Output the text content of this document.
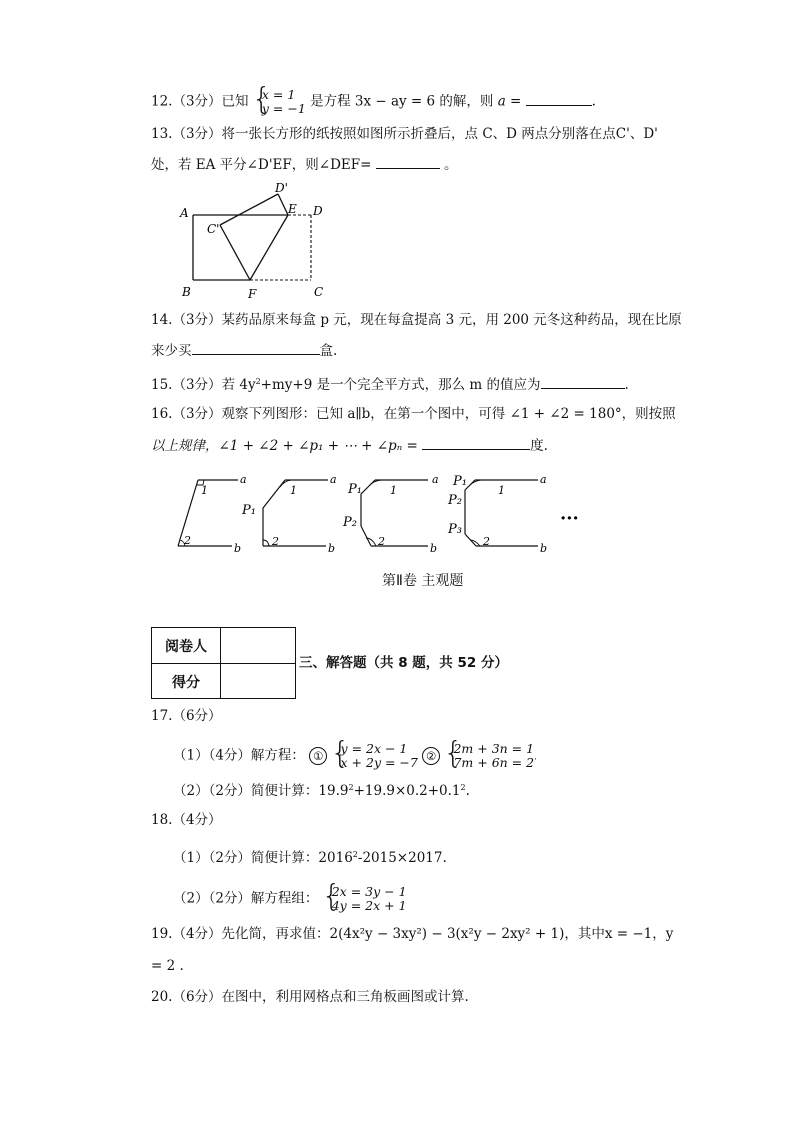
12.（3分）已知 { x = 1
y = −1 是方程 3x − ay = 6 的解，则 a =	.
13.（3分）将一张长方形的纸按照如图所示折叠后，点 C、D 两点分别落在点C'、D'
处，若 EA 平分∠D'EF，则∠DEF=	。
A
B	C
D
E
F
C'
D'
14.（3分）某药品原来每盒 p 元，现在每盒提高 3 元，用 200 元冬这种药品，现在比原
来少买	盒.
15.（3分）若 $4y^2+my+9$ 是一个完全平方式，那么 m 的值应为	.
16.（3分）观察下列图形：已知 a∥b，在第一个图中，可得 ∠1 + ∠2 = 180°，则按照
以上规律，∠1 + ∠2 + ∠p₁ + ⋯ + ∠pₙ =	度.
a
1
2
b
a
1
P₁
2
b
a
1
P₁
P₂
2
b
a
1
P₁
P₂
P₃
2
b
···
第Ⅱ卷 主观题
阅卷人
得分
三、解答题（共 8 题，共 52 分）
17.（6分）
（1）（4分）解方程： ① { y = 2x − 1
x + 2y = −7 ② { 2m + 3n = 1
7m + 6n = 2.
（2）（2分）简便计算：$19.9^2+19.9\times 0.2+0.1^2$.
18.（4分）
（1）（2分）简便计算：$2016^2-2015\times 2017$.
（2）（2分）解方程组： { 2x = 3y − 1
4y = 2x + 1
19.（4分）先化简，再求值：2(4x²y − 3xy²) − 3(x²y − 2xy² + 1)，其中x = −1，y
= 2 .
20.（6分）在图中，利用网格点和三角板画图或计算.
